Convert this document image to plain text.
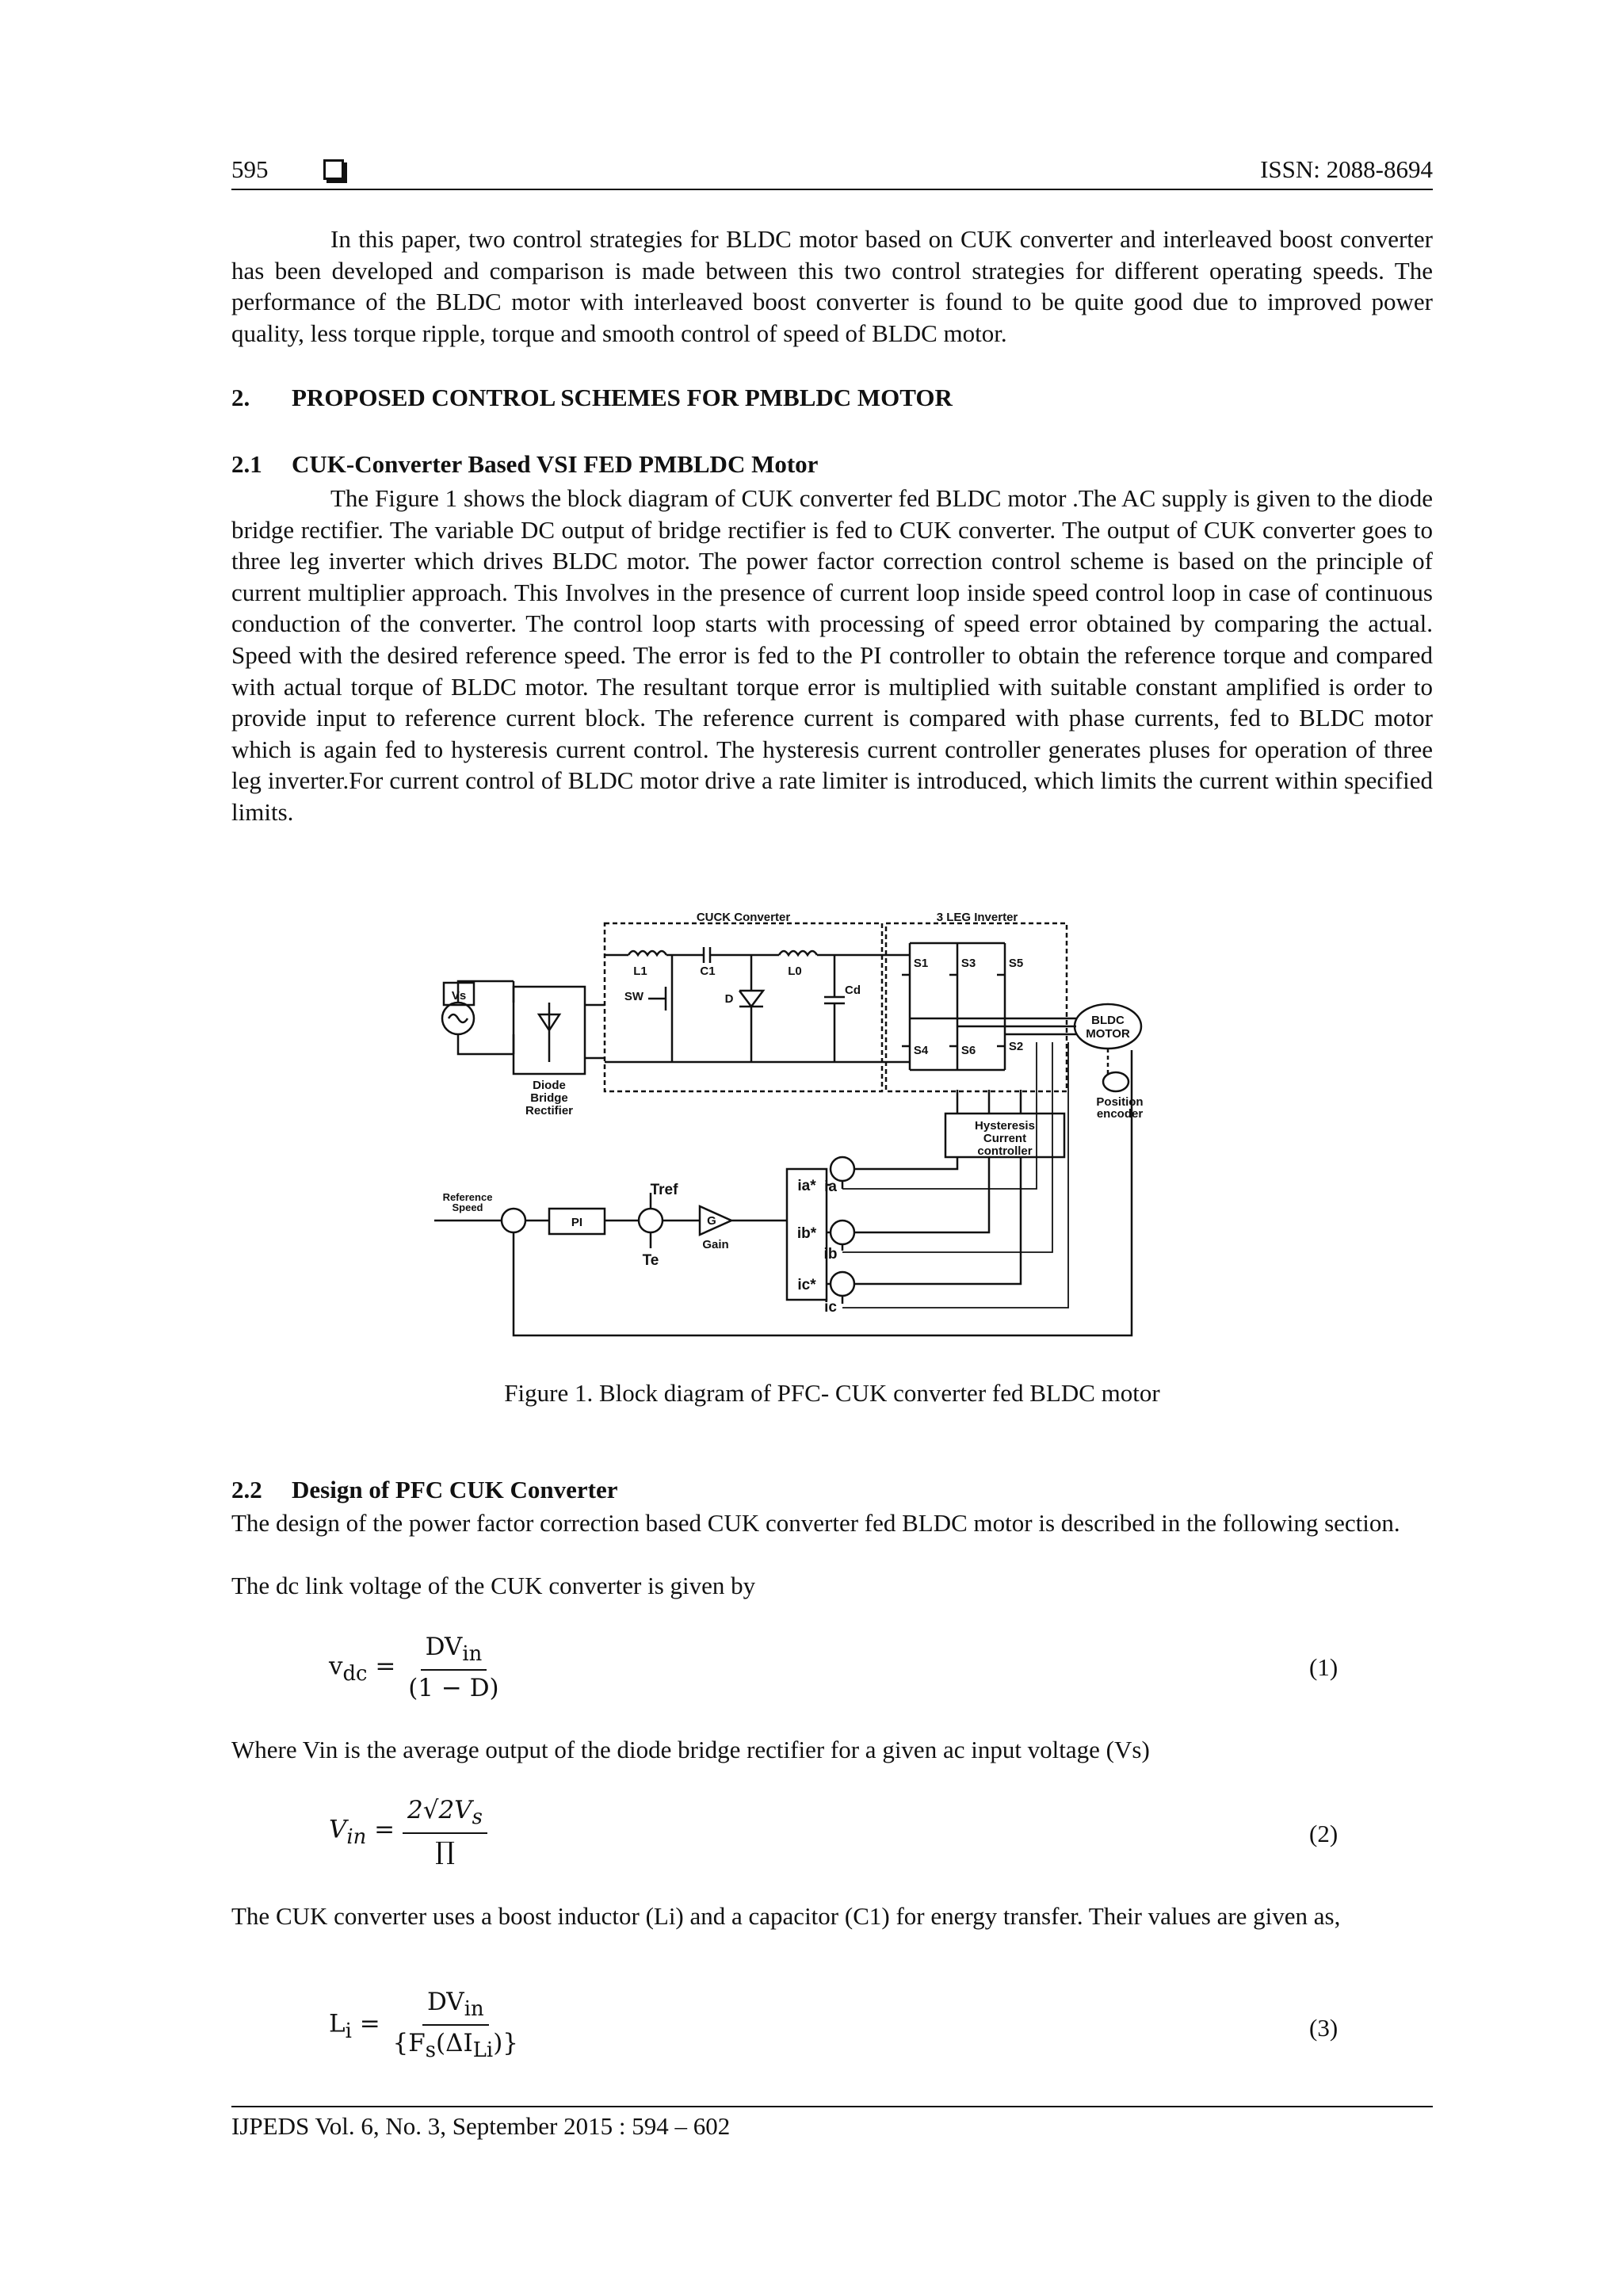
595	ISSN: 2088-8694
In this paper, two control strategies for BLDC motor based on CUK converter and interleaved boost converter has been developed and comparison is made between this two control strategies for different operating speeds. The performance of the BLDC motor with interleaved boost converter is found to be quite good due to improved power quality, less torque ripple, torque and smooth control of speed of BLDC motor.
2. PROPOSED CONTROL SCHEMES FOR PMBLDC MOTOR
2.1 CUK-Converter Based VSI FED PMBLDC Motor
The Figure 1 shows the block diagram of CUK converter fed BLDC motor .The AC supply is given to the diode bridge rectifier. The variable DC output of bridge rectifier is fed to CUK converter. The output of CUK converter goes to three leg inverter which drives BLDC motor. The power factor correction control scheme is based on the principle of current multiplier approach. This Involves in the presence of current loop inside speed control loop in case of continuous conduction of the converter. The control loop starts with processing of speed error obtained by comparing the actual. Speed with the desired reference speed. The error is fed to the PI controller to obtain the reference torque and compared with actual torque of BLDC motor. The resultant torque error is multiplied with suitable constant amplified is order to provide input to reference current block. The reference current is compared with phase currents, fed to BLDC motor which is again fed to hysteresis current control. The hysteresis current controller generates pluses for operation of three leg inverter.For current control of BLDC motor drive a rate limiter is introduced, which limits the current within specified limits.
CUCK Converter	3 LEG Inverter
Vs
Diode
Bridge
Rectifier
L1	C1	L0
SW	D
Cd
S1	S3	S5
S4	S6	S2
BLDC
MOTOR
Position
encoder
Hysteresis
Current
controller
Reference
Speed
PI
Tref
Te
G
Gain
ia*
ib*
ic*
ia
ib
ic
Figure 1. Block diagram of PFC- CUK converter fed BLDC motor
2.2 Design of PFC CUK Converter
The design of the power factor correction based CUK converter fed BLDC motor is described in the following section.
The dc link voltage of the CUK converter is given by
$v_{dc} = \frac{DV_{in}}{(1 - D)}$	(1)
Where Vin is the average output of the diode bridge rectifier for a given ac input voltage (Vs)
$V_{in} = \frac{2√2V_s}{\prod}$	(2)
The CUK converter uses a boost inductor (Li) and a capacitor (C1) for energy transfer. Their values are given as,
$L_i = \frac{DV_{in}}{\{F_s(\Delta I_{Li})\}}$	(3)
IJPEDS Vol. 6, No. 3, September 2015 : 594 – 602
